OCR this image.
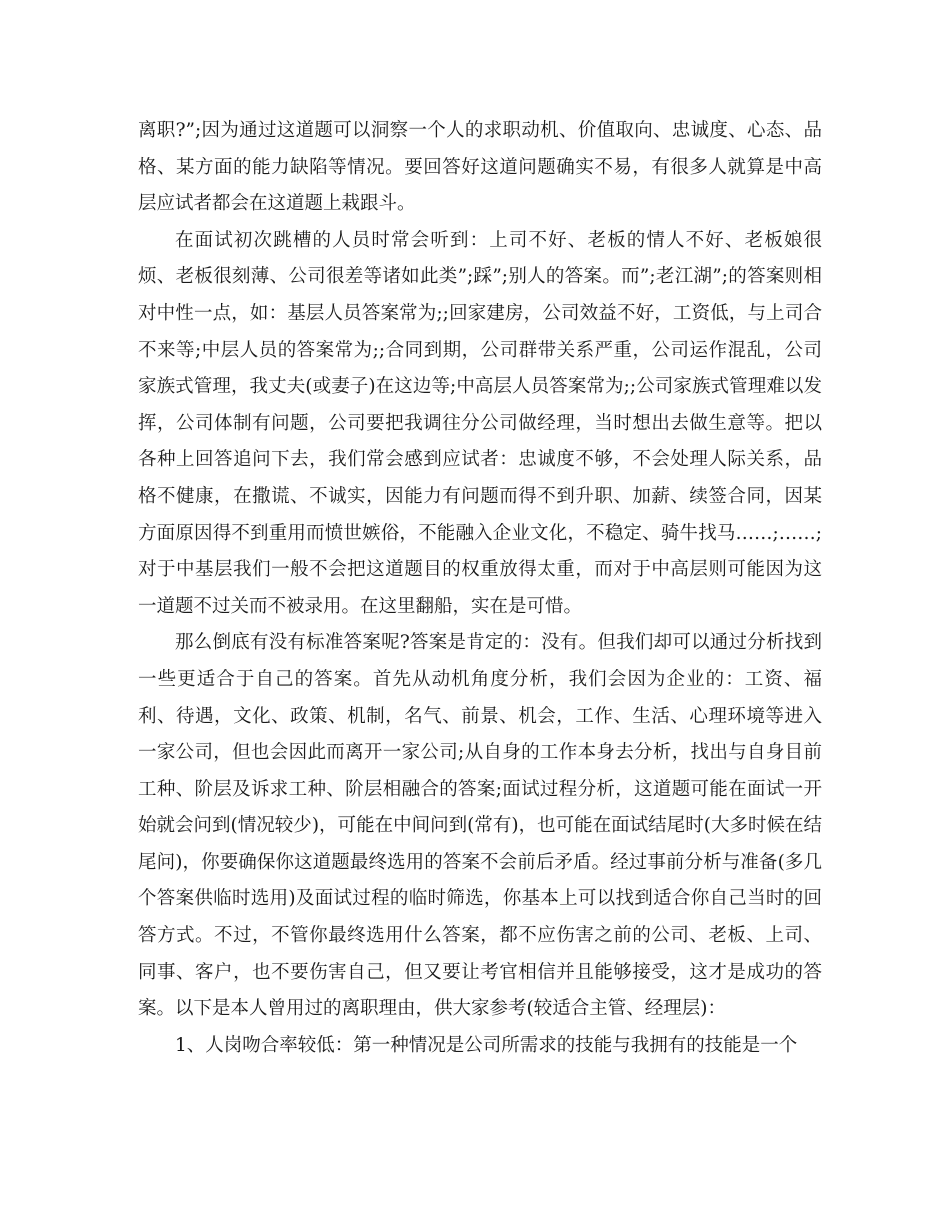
离职?”;因为通过这道题可以洞察一个人的求职动机、价值取向、忠诚度、心态、品格、某方面的能力缺陷等情况。要回答好这道问题确实不易，有很多人就算是中高层应试者都会在这道题上栽跟斗。

在面试初次跳槽的人员时常会听到：上司不好、老板的情人不好、老板娘很烦、老板很刻薄、公司很差等诸如此类”;踩”;别人的答案。而”;老江湖”;的答案则相对中性一点，如：基层人员答案常为;;回家建房，公司效益不好，工资低，与上司合不来等;中层人员的答案常为;;合同到期，公司群带关系严重，公司运作混乱，公司家族式管理，我丈夫(或妻子)在这边等;中高层人员答案常为;;公司家族式管理难以发挥，公司体制有问题，公司要把我调往分公司做经理，当时想出去做生意等。把以各种上回答追问下去，我们常会感到应试者：忠诚度不够，不会处理人际关系，品格不健康，在撒谎、不诚实，因能力有问题而得不到升职、加薪、续签合同，因某方面原因得不到重用而愤世嫉俗，不能融入企业文化，不稳定、骑牛找马……;……;对于中基层我们一般不会把这道题目的权重放得太重，而对于中高层则可能因为这一道题不过关而不被录用。在这里翻船，实在是可惜。

那么倒底有没有标准答案呢?答案是肯定的：没有。但我们却可以通过分析找到一些更适合于自己的答案。首先从动机角度分析，我们会因为企业的：工资、福利、待遇，文化、政策、机制，名气、前景、机会，工作、生活、心理环境等进入一家公司，但也会因此而离开一家公司;从自身的工作本身去分析，找出与自身目前工种、阶层及诉求工种、阶层相融合的答案;面试过程分析，这道题可能在面试一开始就会问到(情况较少)，可能在中间问到(常有)，也可能在面试结尾时(大多时候在结尾问)，你要确保你这道题最终选用的答案不会前后矛盾。经过事前分析与准备(多几个答案供临时选用)及面试过程的临时筛选，你基本上可以找到适合你自己当时的回答方式。不过，不管你最终选用什么答案，都不应伤害之前的公司、老板、上司、同事、客户，也不要伤害自己，但又要让考官相信并且能够接受，这才是成功的答案。以下是本人曾用过的离职理由，供大家参考(较适合主管、经理层)：

1、人岗吻合率较低：第一种情况是公司所需求的技能与我拥有的技能是一个
